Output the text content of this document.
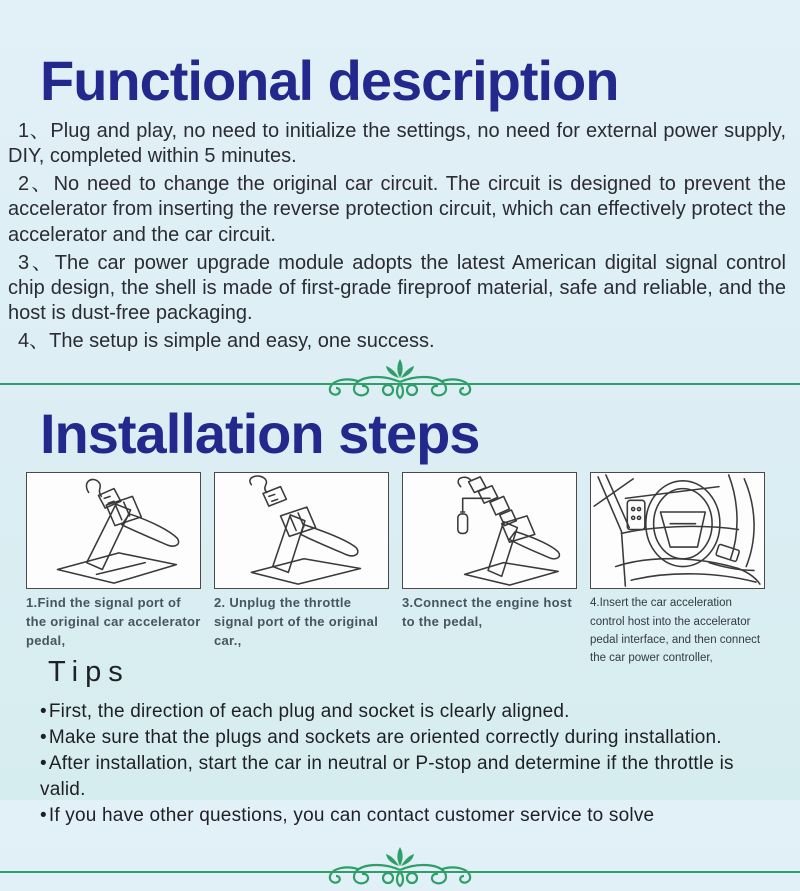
Functional description

1、Plug and play, no need to initialize the settings, no need for external power supply, DIY, completed within 5 minutes.

2、No need to change the original car circuit. The circuit is designed to prevent the accelerator from inserting the reverse protection circuit, which can effectively protect the accelerator and the car circuit.

3、The car power upgrade module adopts the latest American digital signal control chip design, the shell is made of first-grade fireproof material, safe and reliable, and the host is dust-free packaging.

4、The setup is simple and easy, one success.

Installation steps
1.Find the signal port of the original car accelerator pedal,
2. Unplug the throttle signal port of the original car.,
3.Connect the engine host to the pedal,
4.Insert the car acceleration control host into the accelerator pedal interface, and then connect the car power controller,
Tips
• First, the direction of each plug and socket is clearly aligned.
• Make sure that the plugs and sockets are oriented correctly during installation.
• After installation, start the car in neutral or P-stop and determine if the throttle is valid.
• If you have other questions, you can contact customer service to solve
